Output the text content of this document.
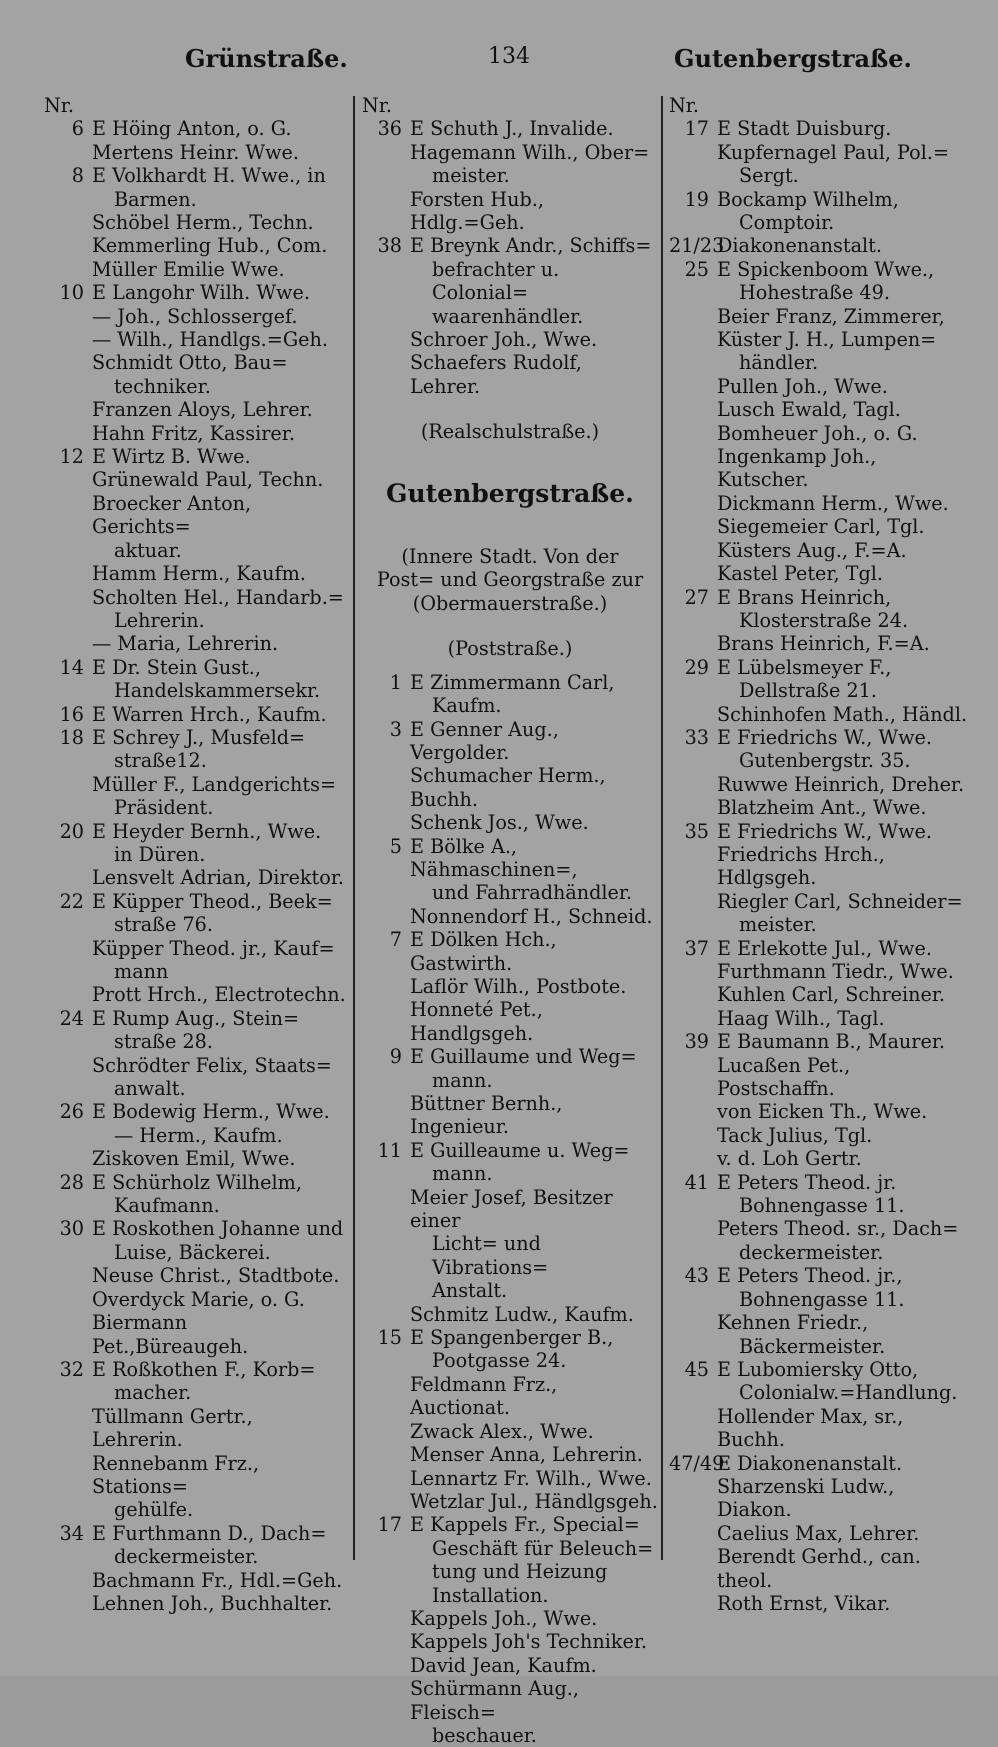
Grünstraße.	134	Gutenbergstraße.
Nr.
6 E Höing Anton, o. G.
Mertens Heinr. Wwe.
8 E Volkhardt H. Wwe., in
Barmen.
Schöbel Herm., Techn.
Kemmerling Hub., Com.
Müller Emilie Wwe.
10 E Langohr Wilh. Wwe.
— Joh., Schlossergef.
— Wilh., Handlgs.=Geh.
Schmidt Otto, Bau=
techniker.
Franzen Aloys, Lehrer.
Hahn Fritz, Kassirer.
12 E Wirtz B. Wwe.
Grünewald Paul, Techn.
Broecker Anton, Gerichts=
aktuar.
Hamm Herm., Kaufm.
Scholten Hel., Handarb.=
Lehrerin.
— Maria, Lehrerin.
14 E Dr. Stein Gust.,
Handelskammersekr.
16 E Warren Hrch., Kaufm.
18 E Schrey J., Musfeld=
straße12.
Müller F., Landgerichts=
Präsident.
20 E Heyder Bernh., Wwe.
in Düren.
Lensvelt Adrian, Direktor.
22 E Küpper Theod., Beek=
straße 76.
Küpper Theod. jr., Kauf=
mann
Prott Hrch., Electrotechn.
24 E Rump Aug., Stein=
straße 28.
Schrödter Felix, Staats=
anwalt.
26 E Bodewig Herm., Wwe.
— Herm., Kaufm.
Ziskoven Emil, Wwe.
28 E Schürholz Wilhelm,
Kaufmann.
30 E Roskothen Johanne und
Luise, Bäckerei.
Neuse Christ., Stadtbote.
Overdyck Marie, o. G.
Biermann Pet.,Büreaugeh.
32 E Roßkothen F., Korb=
macher.
Tüllmann Gertr., Lehrerin.
Rennebanm Frz., Stations=
gehülfe.
34 E Furthmann D., Dach=
deckermeister.
Bachmann Fr., Hdl.=Geh.
Lehnen Joh., Buchhalter.
Nr.
36 E Schuth J., Invalide.
Hagemann Wilh., Ober=
meister.
Forsten Hub., Hdlg.=Geh.
38 E Breynk Andr., Schiffs=
befrachter u. Colonial=
waarenhändler.
Schroer Joh., Wwe.
Schaefers Rudolf, Lehrer.
(Realschulstraße.)
Gutenbergstraße.
(Innere Stadt. Von der
Post= und Georgstraße zur
(Obermauerstraße.)
(Poststraße.)
1 E Zimmermann Carl,
Kaufm.
3 E Genner Aug., Vergolder.
Schumacher Herm., Buchh.
Schenk Jos., Wwe.
5 E Bölke A., Nähmaschinen=,
und Fahrradhändler.
Nonnendorf H., Schneid.
7 E Dölken Hch., Gastwirth.
Laflör Wilh., Postbote.
Honneté Pet., Handlgsgeh.
9 E Guillaume und Weg=
mann.
Büttner Bernh., Ingenieur.
11 E Guilleaume u. Weg=
mann.
Meier Josef, Besitzer einer
Licht= und Vibrations=
Anstalt.
Schmitz Ludw., Kaufm.
15 E Spangenberger B.,
Pootgasse 24.
Feldmann Frz., Auctionat.
Zwack Alex., Wwe.
Menser Anna, Lehrerin.
Lennartz Fr. Wilh., Wwe.
Wetzlar Jul., Händlgsgeh.
17 E Kappels Fr., Special=
Geschäft für Beleuch=
tung und Heizung
Installation.
Kappels Joh., Wwe.
Kappels Joh's Techniker.
David Jean, Kaufm.
Schürmann Aug., Fleisch=
beschauer.
Nr.
17 E Stadt Duisburg.
Kupfernagel Paul, Pol.=
Sergt.
19 Bockamp Wilhelm,
Comptoir.
21/23
Diakonenanstalt.
25 E Spickenboom Wwe.,
Hohestraße 49.
Beier Franz, Zimmerer,
Küster J. H., Lumpen=
händler.
Pullen Joh., Wwe.
Lusch Ewald, Tagl.
Bomheuer Joh., o. G.
Ingenkamp Joh., Kutscher.
Dickmann Herm., Wwe.
Siegemeier Carl, Tgl.
Küsters Aug., F.=A.
Kastel Peter, Tgl.
27 E Brans Heinrich,
Klosterstraße 24.
Brans Heinrich, F.=A.
29 E Lübelsmeyer F.,
Dellstraße 21.
Schinhofen Math., Händl.
33 E Friedrichs W., Wwe.
Gutenbergstr. 35.
Ruwwe Heinrich, Dreher.
Blatzheim Ant., Wwe.
35 E Friedrichs W., Wwe.
Friedrichs Hrch., Hdlgsgeh.
Riegler Carl, Schneider=
meister.
37 E Erlekotte Jul., Wwe.
Furthmann Tiedr., Wwe.
Kuhlen Carl, Schreiner.
Haag Wilh., Tagl.
39 E Baumann B., Maurer.
Lucaßen Pet., Postschaffn.
von Eicken Th., Wwe.
Tack Julius, Tgl.
v. d. Loh Gertr.
41 E Peters Theod. jr.
Bohnengasse 11.
Peters Theod. sr., Dach=
deckermeister.
43 E Peters Theod. jr.,
Bohnengasse 11.
Kehnen Friedr.,
Bäckermeister.
45 E Lubomiersky Otto,
Colonialw.=Handlung.
Hollender Max, sr., Buchh.
47/49
E Diakonenanstalt.
Sharzenski Ludw., Diakon.
Caelius Max, Lehrer.
Berendt Gerhd., can. theol.
Roth Ernst, Vikar.
